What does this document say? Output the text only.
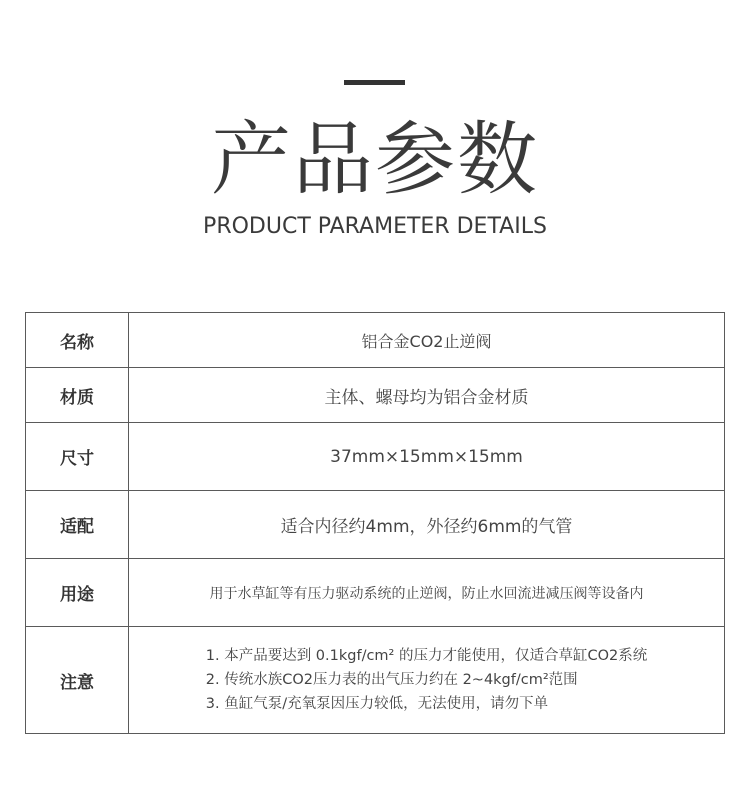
产品参数
PRODUCT PARAMETER DETAILS
名称	铝合金CO2止逆阀
材质	主体、螺母均为铝合金材质
尺寸	37mm×15mm×15mm
适配	适合内径约4mm，外径约6mm的气管
用途	用于水草缸等有压力驱动系统的止逆阀，防止水回流进减压阀等设备内
注意	1. 本产品要达到 0.1kgf/cm² 的压力才能使用，仅适合草缸CO2系统
2. 传统水族CO2压力表的出气压力约在 2~4kgf/cm²范围
3. 鱼缸气泵/充氧泵因压力较低，无法使用，请勿下单
